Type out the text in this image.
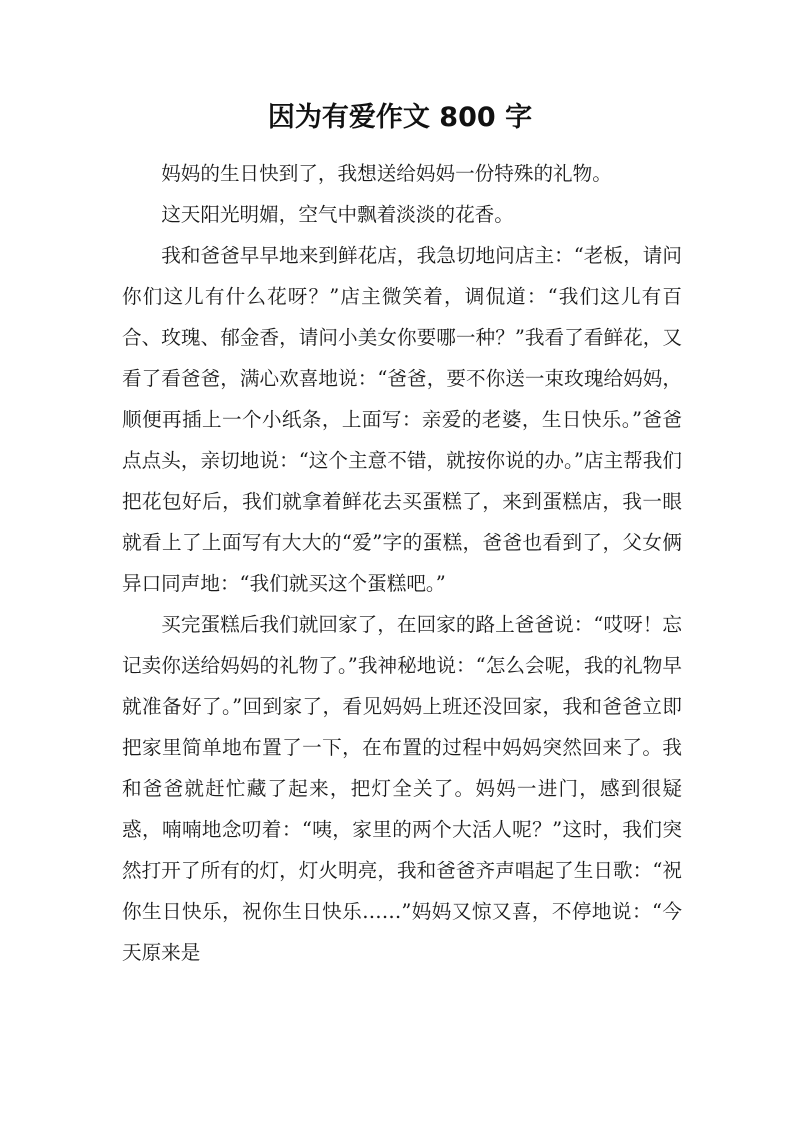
因为有爱作文 800 字

妈妈的生日快到了，我想送给妈妈一份特殊的礼物。

这天阳光明媚，空气中飘着淡淡的花香。

我和爸爸早早地来到鲜花店，我急切地问店主：“老板，请问你们这儿有什么花呀？”店主微笑着，调侃道：“我们这儿有百合、玫瑰、郁金香，请问小美女你要哪一种？”我看了看鲜花，又看了看爸爸，满心欢喜地说：“爸爸，要不你送一束玫瑰给妈妈，顺便再插上一个小纸条，上面写：亲爱的老婆，生日快乐。”爸爸点点头，亲切地说：“这个主意不错，就按你说的办。”店主帮我们把花包好后，我们就拿着鲜花去买蛋糕了，来到蛋糕店，我一眼就看上了上面写有大大的“爱”字的蛋糕，爸爸也看到了，父女俩异口同声地：“我们就买这个蛋糕吧。”

买完蛋糕后我们就回家了，在回家的路上爸爸说：“哎呀！忘记卖你送给妈妈的礼物了。”我神秘地说：“怎么会呢，我的礼物早就准备好了。”回到家了，看见妈妈上班还没回家，我和爸爸立即把家里简单地布置了一下，在布置的过程中妈妈突然回来了。我和爸爸就赶忙藏了起来，把灯全关了。妈妈一进门，感到很疑惑，喃喃地念叨着：“咦，家里的两个大活人呢？”这时，我们突然打开了所有的灯，灯火明亮，我和爸爸齐声唱起了生日歌：“祝你生日快乐，祝你生日快乐……”妈妈又惊又喜，不停地说：“今天原来是
